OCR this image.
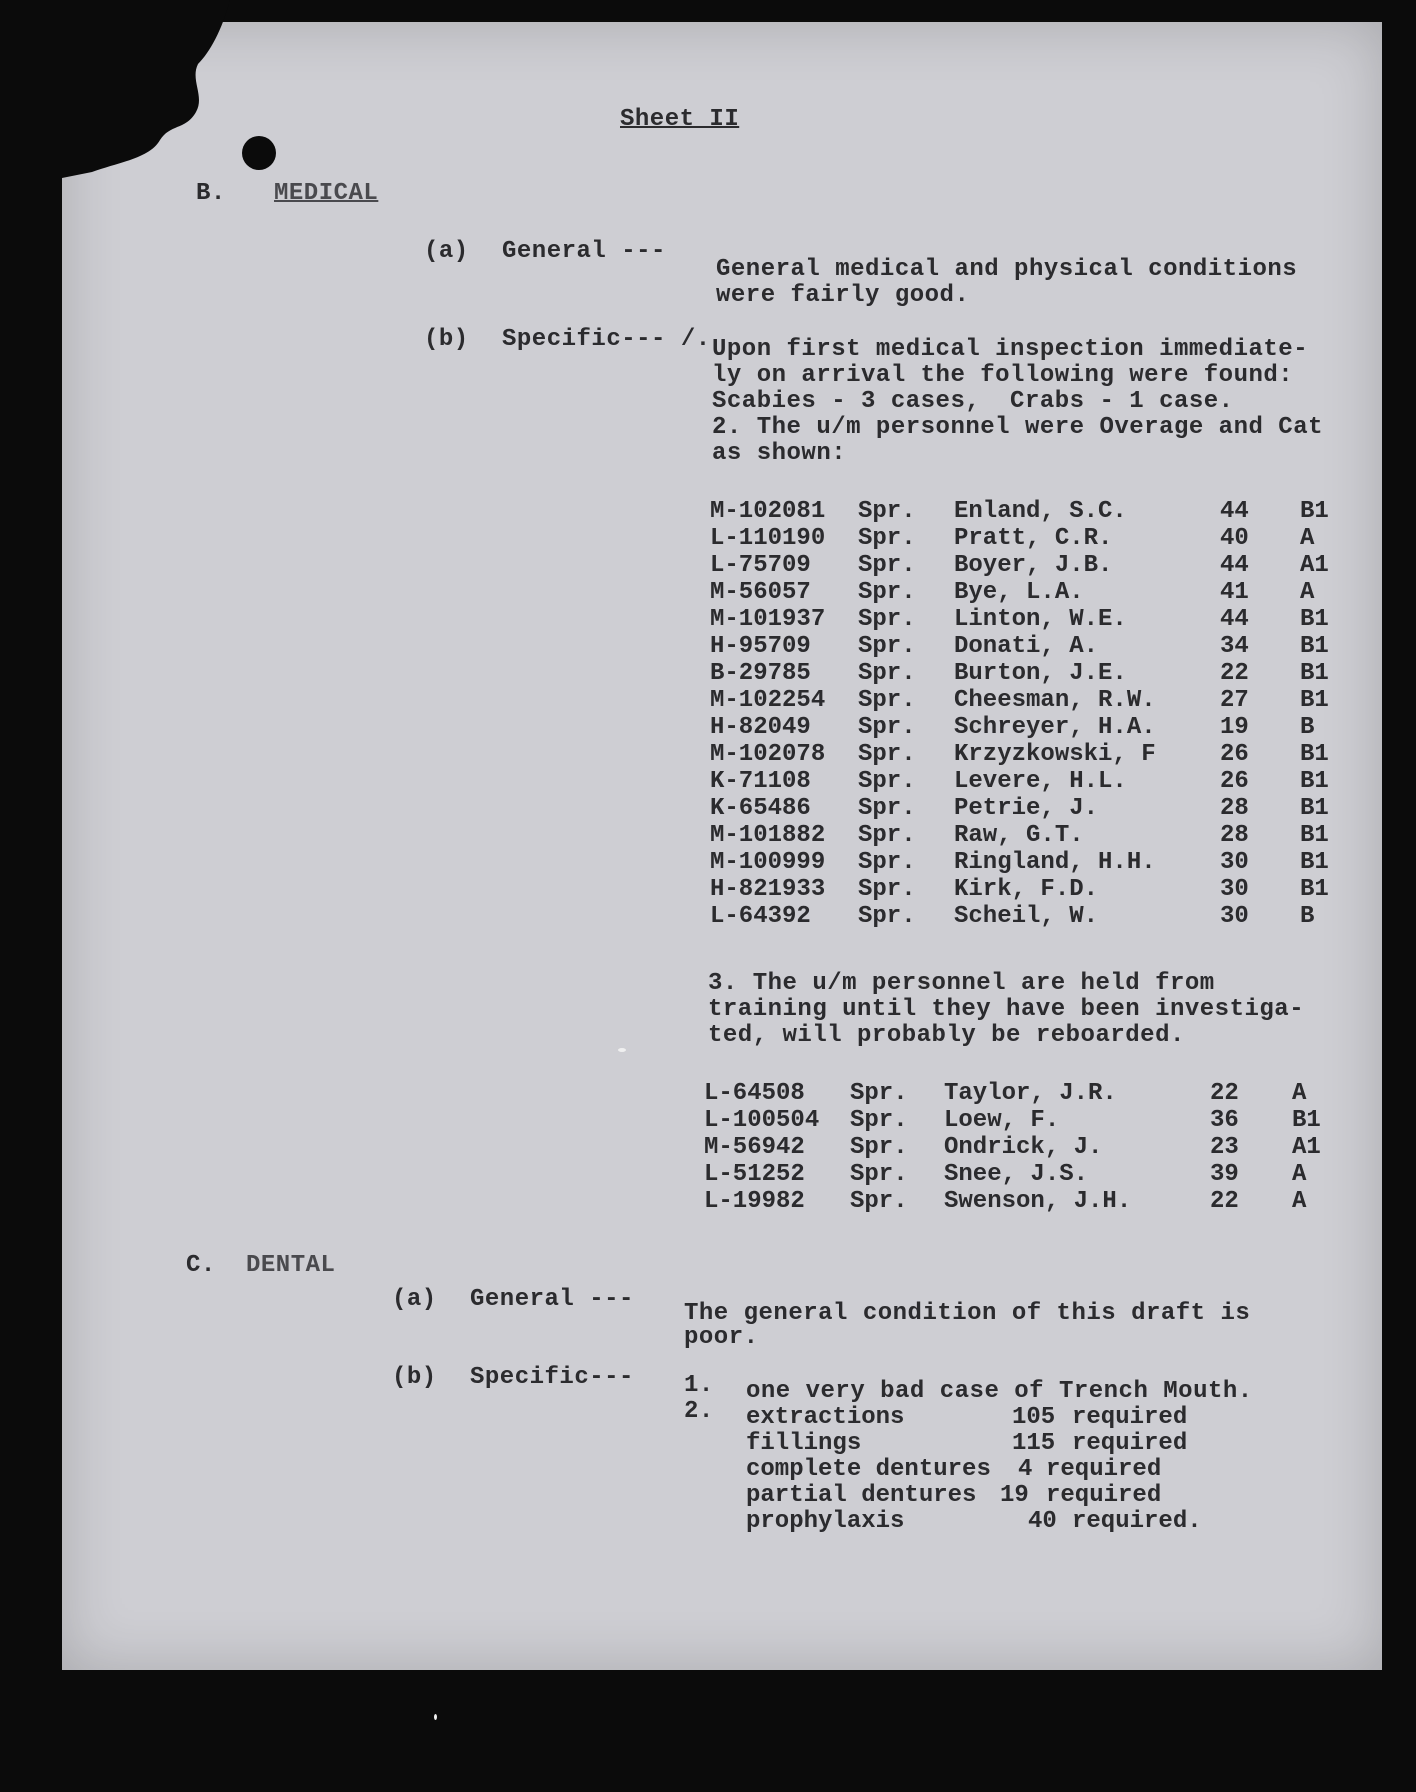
Sheet II
B. MEDICAL
(a) General ---
General medical and physical conditions
were fairly good.
(b) Specific--- /. Upon first medical inspection immediate-
ly on arrival the following were found:
Scabies - 3 cases,  Crabs - 1 case.
2. The u/m personnel were Overage and Cat
as shown:
M-102081 Spr. Enland, S.C.	44 B1
L-110190 Spr. Pratt, C.R.	40 A
L-75709 Spr. Boyer, J.B.	44 A1
M-56057 Spr. Bye, L.A.	41 A
M-101937 Spr. Linton, W.E.	44 B1
H-95709 Spr. Donati, A.	34 B1
B-29785 Spr. Burton, J.E.	22 B1
M-102254 Spr. Cheesman, R.W.	27 B1
H-82049 Spr. Schreyer, H.A.	19 B
M-102078 Spr. Krzyzkowski, F	26 B1
K-71108 Spr. Levere, H.L.	26 B1
K-65486 Spr. Petrie, J.	28 B1
M-101882 Spr. Raw, G.T.	28 B1
M-100999 Spr. Ringland, H.H.	30 B1
H-821933 Spr. Kirk, F.D.	30 B1
L-64392 Spr. Scheil, W.	30 B
3. The u/m personnel are held from
training until they have been investiga-
ted, will probably be reboarded.
L-64508 Spr. Taylor, J.R.	22 A
L-100504 Spr. Loew, F.	36 B1
M-56942 Spr. Ondrick, J.	23 A1
L-51252 Spr. Snee, J.S.	39 A
L-19982 Spr. Swenson, J.H.	22 A
C. DENTAL
(a) General ---
The general condition of this draft is
poor.
(b) Specific--- 1. one very bad case of Trench Mouth.
2. extractions	105 required
fillings	115 required
complete dentures 4 required
partial dentures 19 required
prophylaxis	40 required.
